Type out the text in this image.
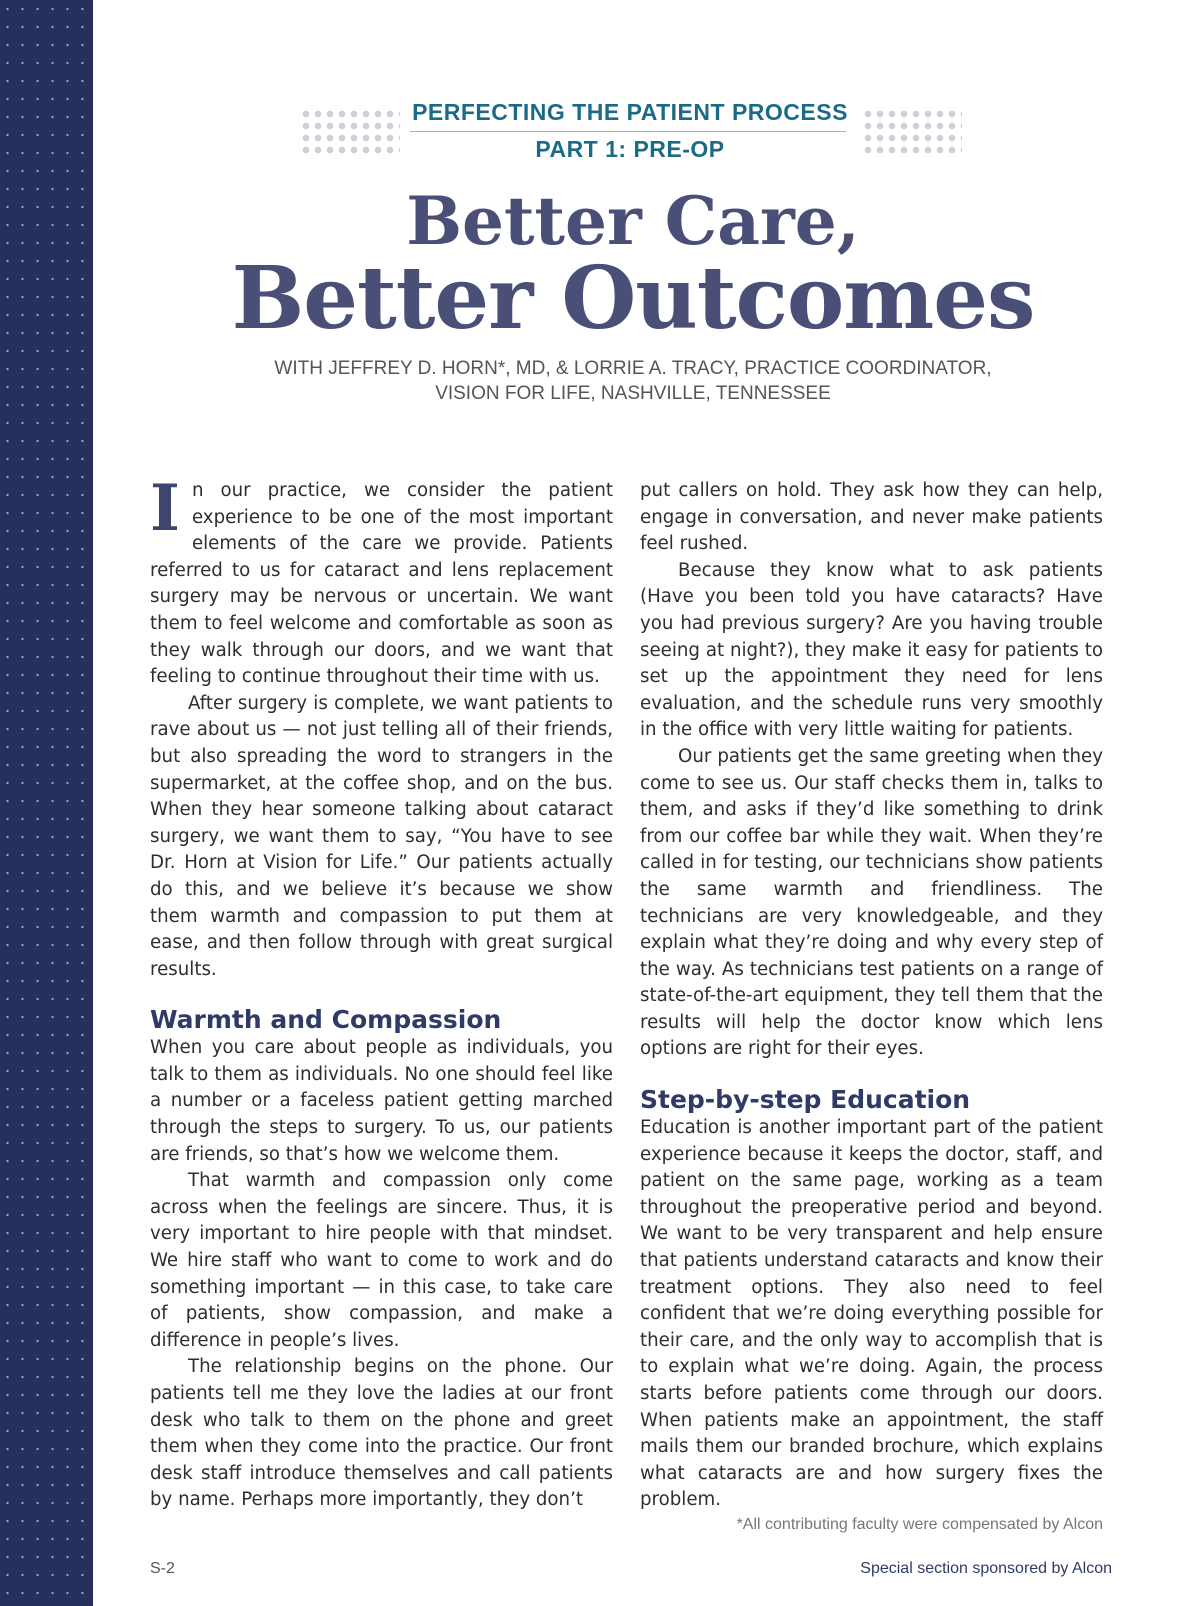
PERFECTING THE PATIENT PROCESS
PART 1: PRE-OP
Better Care,
Better Outcomes
WITH JEFFREY D. HORN*, MD, & LORRIE A. TRACY, PRACTICE COORDINATOR,
VISION FOR LIFE, NASHVILLE, TENNESSEE

In our practice, we consider the patient experience to be one of the most important elements of the care we provide. Patients referred to us for cataract and lens replacement surgery may be nervous or uncertain. We want them to feel welcome and comfortable as soon as they walk through our doors, and we want that feeling to continue throughout their time with us.

After surgery is complete, we want patients to rave about us — not just telling all of their friends, but also spreading the word to strangers in the supermarket, at the coffee shop, and on the bus. When they hear someone talking about cataract surgery, we want them to say, “You have to see Dr. Horn at Vision for Life.” Our patients actually do this, and we believe it’s because we show them warmth and compassion to put them at ease, and then follow through with great surgical results.

Warmth and Compassion

When you care about people as individuals, you talk to them as individuals. No one should feel like a number or a faceless patient getting marched through the steps to surgery. To us, our patients are friends, so that’s how we welcome them.

That warmth and compassion only come across when the feelings are sincere. Thus, it is very important to hire people with that mindset. We hire staff who want to come to work and do something important — in this case, to take care of patients, show compassion, and make a difference in people’s lives.

The relationship begins on the phone. Our patients tell me they love the ladies at our front desk who talk to them on the phone and greet them when they come into the practice. Our front desk staff introduce themselves and call patients by name. Perhaps more importantly, they don’t

put callers on hold. They ask how they can help, engage in conversation, and never make patients feel rushed.

Because they know what to ask patients (Have you been told you have cataracts? Have you had previous surgery? Are you having trouble seeing at night?), they make it easy for patients to set up the appointment they need for lens evaluation, and the schedule runs very smoothly in the office with very little waiting for patients.

Our patients get the same greeting when they come to see us. Our staff checks them in, talks to them, and asks if they’d like something to drink from our coffee bar while they wait. When they’re called in for testing, our technicians show patients the same warmth and friendliness. The technicians are very knowledgeable, and they explain what they’re doing and why every step of the way. As technicians test patients on a range of state-of-the-art equipment, they tell them that the results will help the doctor know which lens options are right for their eyes.

Step-by-step Education

Education is another important part of the patient experience because it keeps the doctor, staff, and patient on the same page, working as a team throughout the preoperative period and beyond. We want to be very transparent and help ensure that patients understand cataracts and know their treatment options. They also need to feel confident that we’re doing everything possible for their care, and the only way to accomplish that is to explain what we’re doing. Again, the process starts before patients come through our doors. When patients make an appointment, the staff mails them our branded brochure, which explains what cataracts are and how surgery fixes the problem.

*All contributing faculty were compensated by Alcon
S-2	Special section sponsored by Alcon
